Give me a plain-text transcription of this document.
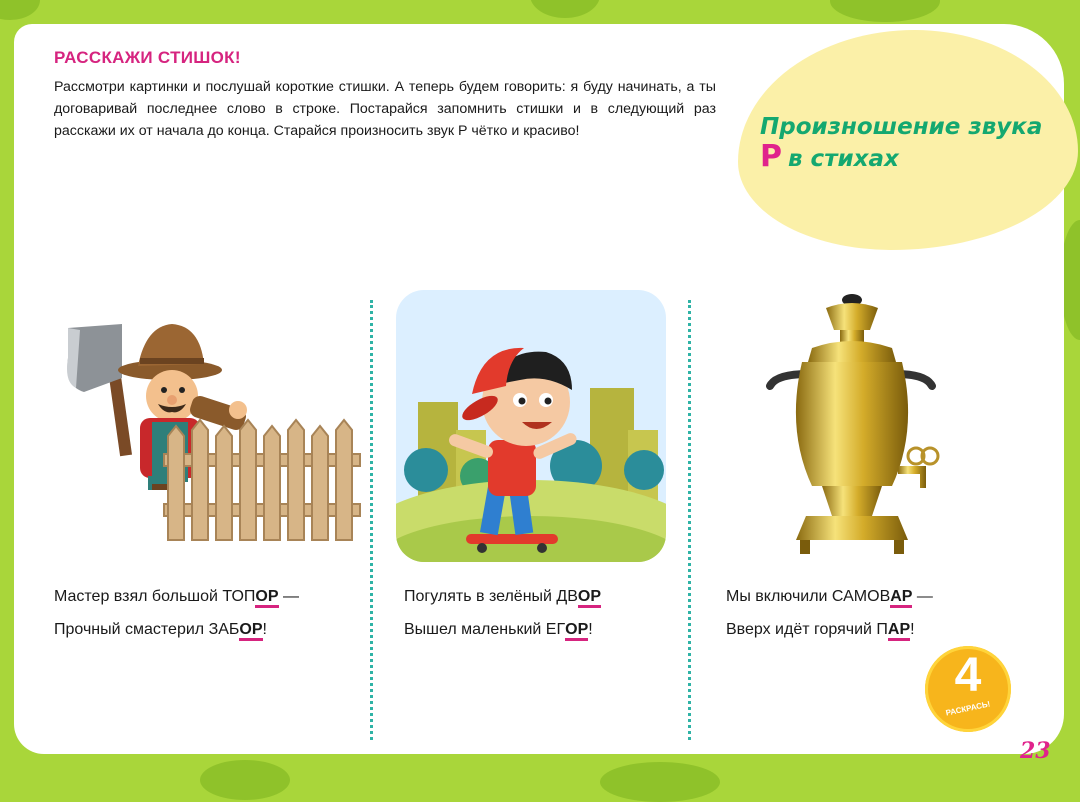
Произношение звука
Р в стихах
РАССКАЖИ СТИШОК!
Рассмотри картинки и послушай короткие стишки. А теперь будем говорить: я буду начинать, а ты договаривай последнее слово в строке. Постарайся запомнить стишки и в следующий раз расскажи их от начала до конца. Старайся произносить звук Р чётко и красиво!
Мастер взял большой ТОПОР —
Прочный смастерил ЗАБОР!
Погулять в зелёный ДВОР
Вышел маленький ЕГОР!
Мы включили САМОВАР —
Вверх идёт горячий ПАР!
4
РАСКРАСЬ!
23
